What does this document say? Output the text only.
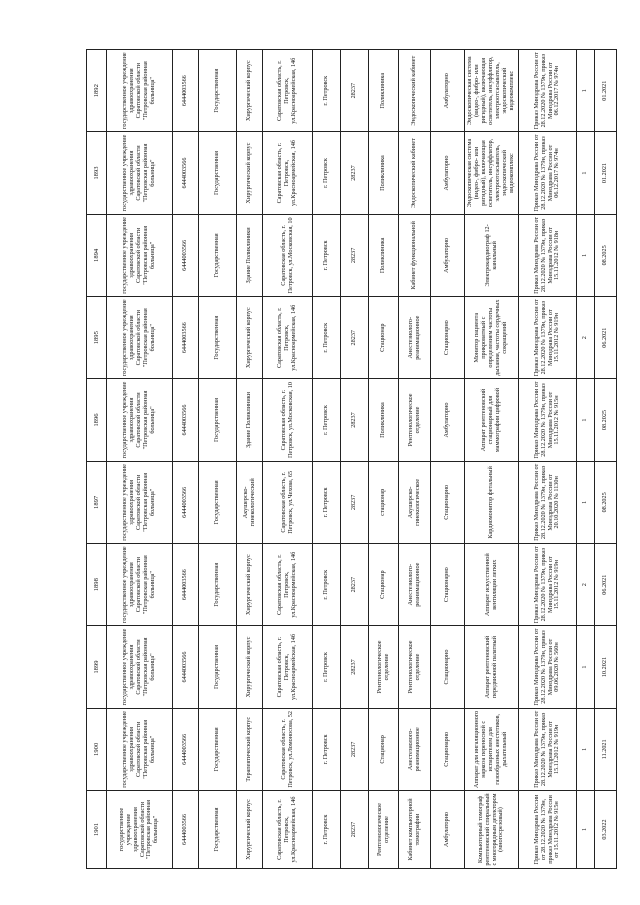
1901	1900	1899	1898	1897	1896	1895	1894	1893	1892
государственное учреждение здравоохранения Саратовской области "Петровская районная больница"	государственное учреждение здравоохранения Саратовской области "Петровская районная больница"	государственное учреждение здравоохранения Саратовской области "Петровская районная больница"	государственное учреждение здравоохранения Саратовской области "Петровская районная больница"	государственное учреждение здравоохранения Саратовской области "Петровская районная больница"	государственное учреждение здравоохранения Саратовской области "Петровская районная больница"	государственное учреждение здравоохранения Саратовской области "Петровская районная больница"	государственное учреждение здравоохранения Саратовской области "Петровская районная больница"	государственное учреждение здравоохранения Саратовской области "Петровская районная больница"	государственное учреждение здравоохранения Саратовской области "Петровская районная больница"
6444003566	6444003566	6444003566	6444003566	6444003566	6444003566	6444003566	6444003566	6444003566	6444003566
Государственная	Государственная	Государственная	Государственная	Государственная	Государственная	Государственная	Государственная	Государственная	Государственная
Хирургический корпус	Терапевтический корпус	Хирургический корпус	Хирургический корпус	Акушерско-гинекологический	Здание Поликлиники	Хирургический корпус	Здание Поликлиники	Хирургический корпус	Хирургический корпус
Саратовская область, г. Петровск, ул.Красноармейская, 14б	Саратовская область, г. Петровск, ул.Ломоносова, 52	Саратовская область, г. Петровск, ул.Красноармейская, 14б	Саратовская область, г. Петровск, ул.Красноармейская, 14б	Саратовская область, г. Петровск, ул.Чехова, 65	Саратовская область, г. Петровск, ул.Московская, 10	Саратовская область, г. Петровск, ул.Красноармейская, 14б	Саратовская область, г. Петровск, ул.Московская, 10	Саратовская область, г. Петровск, ул.Красноармейская, 14б	Саратовская область, г. Петровск, ул.Красноармейская, 14б
г. Петровск	г. Петровск	г. Петровск	г. Петровск	г. Петровск	г. Петровск	г. Петровск	г. Петровск	г. Петровск	г. Петровск
28237	28237	28237	28237	28237	28237	28237	28237	28237	28237
Рентгенологическое отделение	Стационар	Рентгенологическое отделение	Стационар	стационар	Поликлиника	Стационар	Поликлиника	Поликлиника	Поликлиника
Кабинет компьютерной томографии	Анестезиолого-реанимационное	Рентгенологическое отделение	Анестезиолого-реанимационное	Акушерско-гинекологическое	Рентгенологическое отделение	Анестезиолого-реанимационное	Кабинет функциональной	Эндоскопический кабинет	Эндоскопический кабинет
Амбулаторно	Стационарно	Стационарно	Стационарно	Стационарно	Амбулаторно	Стационарно	Амбулаторно	Амбулаторно	Амбулаторно
Компьютерный томограф рентгеновский спиральный с многорядным детектором (многосрезовый)	Аппарат для ингаляционного наркоза переносной с испарителем для газообразных анестетиков, дыхательный	Аппарат рентгеновский передвижной палатный	Аппарат искусственной вентиляции легких	Кардиомонитор фетальный	Аппарат рентгеновский стационарный для маммографии цифровой	Монитор пациента прикроватный с определением частоты дыхания, частоты сердечных сокращений	Электрокардиограф 12-канальный	Эндоскопическая система (видео-, фибро- или ригидный), включающая осветитель, инсуффлятор, электроотсасыватель, эндоскопический видеокомплекс	Эндоскопическая система (видео-, фибро- или ригидный), включающая осветитель, инсуффлятор, электроотсасыватель, эндоскопический видеокомплекс
Приказ Минздрава России от 28.12.2020 № 1379н, приказ Минздрава России от 15.11.2012 № 915н	Приказ Минздрава России от 28.12.2020 № 1379н, приказ Минздрава России от 15.11.2012 № 919н	Приказ Минздрава России от 28.12.2020 № 1379н, приказ Минздрава России от 09.06.2020 № 560н	Приказ Минздрава России от 28.12.2020 № 1379н, приказ Минздрава России от 15.11.2012 № 919н	Приказ Минздрава России от 28.12.2020 № 1379н, приказ Минздрава России от 20.10.2020 № 1130н	Приказ Минздрава России от 28.12.2020 № 1379н, приказ Минздрава России от 15.11.2012 № 915н	Приказ Минздрава России от 28.12.2020 № 1379н, приказ Минздрава России от 15.11.2012 № 919н	Приказ Минздрава России от 28.12.2020 № 1379н, приказ Минздрава России от 15.11.2012 № 918н	Приказ Минздрава России от 28.12.2020 № 1379н, приказ Минздрава России от 06.12.2017 № 974н	Приказ Минздрава России от 28.12.2020 № 1379н, приказ Минздрава России от 06.12.2017 № 974н
1	1	1	2	1	1	2	1	1	1
03.2022	11.2021	10.2021	06.2021	08.2025	08.2025	06.2021	08.2025	01.2021	01.2021
